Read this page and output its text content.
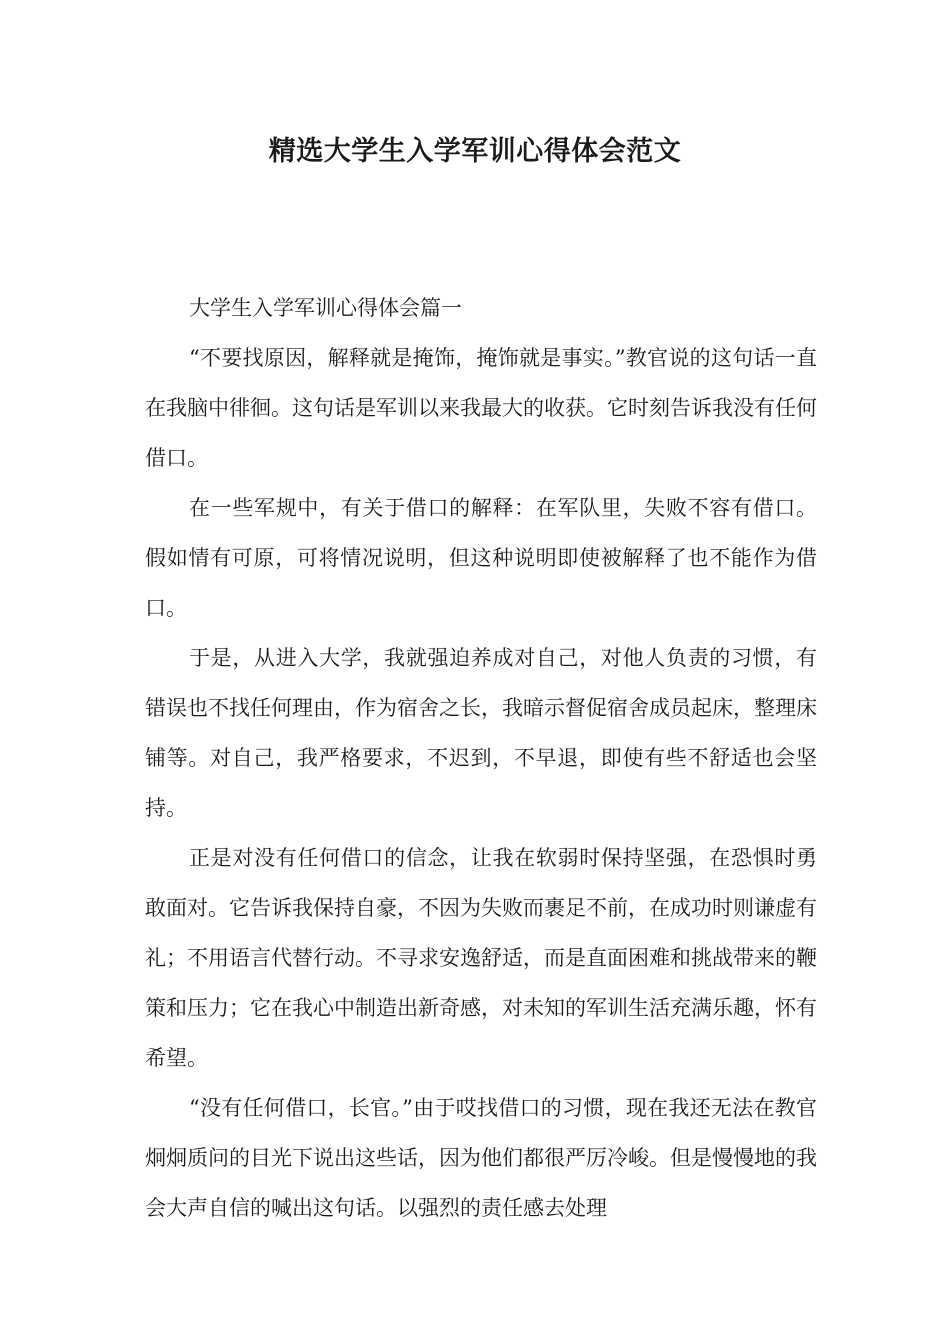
精选大学生入学军训心得体会范文

大学生入学军训心得体会篇一

“不要找原因，解释就是掩饰，掩饰就是事实。”教官说的这句话一直在我脑中徘徊。这句话是军训以来我最大的收获。它时刻告诉我没有任何借口。

在一些军规中，有关于借口的解释：在军队里，失败不容有借口。假如情有可原，可将情况说明，但这种说明即使被解释了也不能作为借口。

于是，从进入大学，我就强迫养成对自己，对他人负责的习惯，有错误也不找任何理由，作为宿舍之长，我暗示督促宿舍成员起床，整理床铺等。对自己，我严格要求，不迟到，不早退，即使有些不舒适也会坚持。

正是对没有任何借口的信念，让我在软弱时保持坚强，在恐惧时勇敢面对。它告诉我保持自豪，不因为失败而裹足不前，在成功时则谦虚有礼；不用语言代替行动。不寻求安逸舒适，而是直面困难和挑战带来的鞭策和压力；它在我心中制造出新奇感，对未知的军训生活充满乐趣，怀有希望。

“没有任何借口，长官。”由于哎找借口的习惯，现在我还无法在教官炯炯质问的目光下说出这些话，因为他们都很严厉冷峻。但是慢慢地的我会大声自信的喊出这句话。以强烈的责任感去处理
